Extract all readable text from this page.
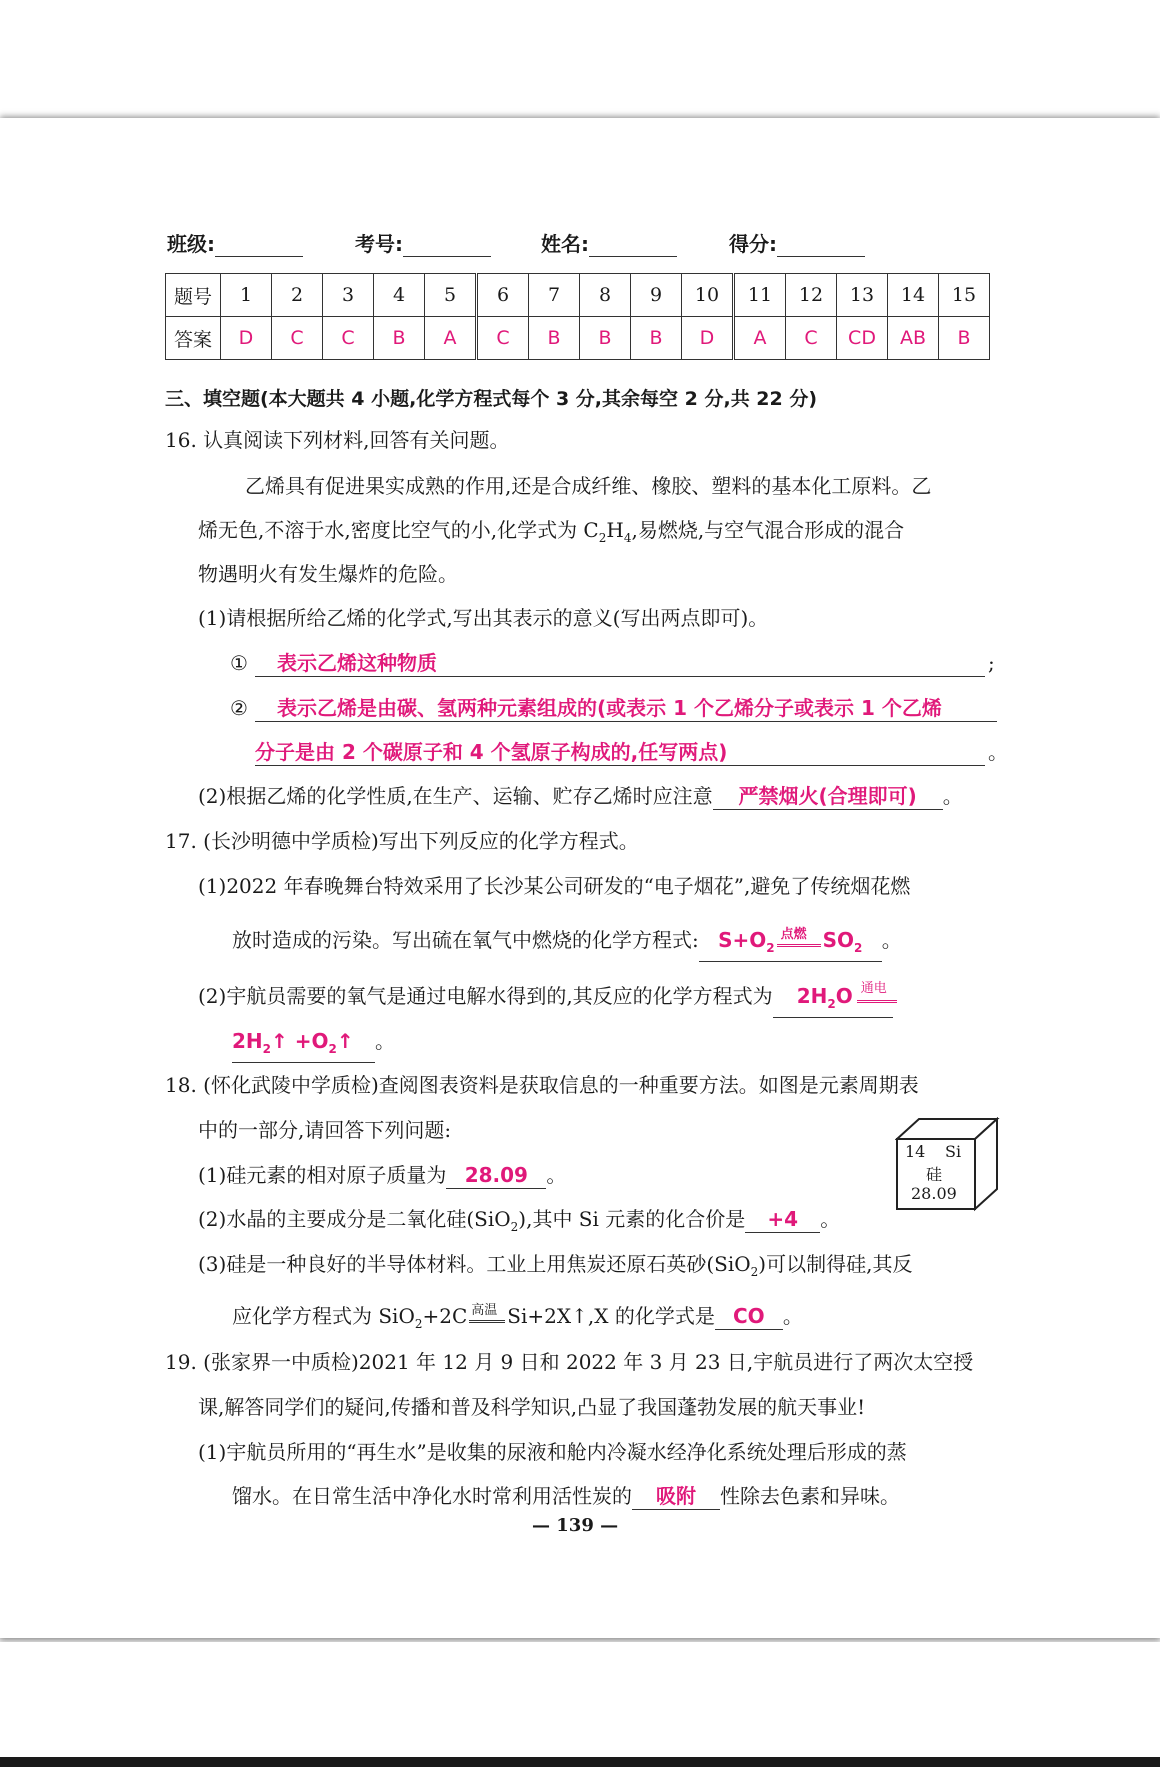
班级:	考号:	姓名:	得分:
题号	1	2	3	4	5	6	7	8	9	10	11	12	13	14	15
答案	D	C	C	B	A	C	B	B	B	D	A	C	CD	AB	B
三、填空题(本大题共 4 小题,化学方程式每个 3 分,其余每空 2 分,共 22 分)
16. 认真阅读下列材料,回答有关问题。
乙烯具有促进果实成熟的作用,还是合成纤维、橡胶、塑料的基本化工原料。乙
烯无色,不溶于水,密度比空气的小,化学式为 $C_2H_4$,易燃烧,与空气混合形成的混合
物遇明火有发生爆炸的危险。
(1)请根据所给乙烯的化学式,写出其表示的意义(写出两点即可)。
①	表示乙烯这种物质	;
②	表示乙烯是由碳、氢两种元素组成的(或表示 1 个乙烯分子或表示 1 个乙烯
分子是由 2 个碳原子和 4 个氢原子构成的,任写两点)	。
(2)根据乙烯的化学性质,在生产、运输、贮存乙烯时应注意 严禁烟火(合理即可) 。
17. (长沙明德中学质检)写出下列反应的化学方程式。
(1)2022 年春晚舞台特效采用了长沙某公司研发的“电子烟花”,避免了传统烟花燃
放时造成的污染。写出硫在氧气中燃烧的化学方程式: $S+O_2$
点燃 $SO_2$ 。
(2)宇航员需要的氧气是通过电解水得到的,其反应的化学方程式为 $2H_2O$ 通电
$2H_2↑$ $+O_2↑$ 。
18. (怀化武陵中学质检)查阅图表资料是获取信息的一种重要方法。如图是元素周期表
中的一部分,请回答下列问题:
(1)硅元素的相对原子质量为 28.09 。
(2)水晶的主要成分是二氧化硅(SiO$_2$),其中 Si 元素的化合价是 +4 。
(3)硅是一种良好的半导体材料。工业上用焦炭还原石英砂(SiO$_2$)可以制得硅,其反
应化学方程式为 SiO$_2$+2C 高温 Si+2X↑,X 的化学式是 CO 。
14 Si
硅
28.09
19. (张家界一中质检)2021 年 12 月 9 日和 2022 年 3 月 23 日,宇航员进行了两次太空授
课,解答同学们的疑问,传播和普及科学知识,凸显了我国蓬勃发展的航天事业!
(1)宇航员所用的“再生水”是收集的尿液和舱内冷凝水经净化系统处理后形成的蒸
馏水。在日常生活中净化水时常利用活性炭的 吸附 性除去色素和异味。
— 139 —
